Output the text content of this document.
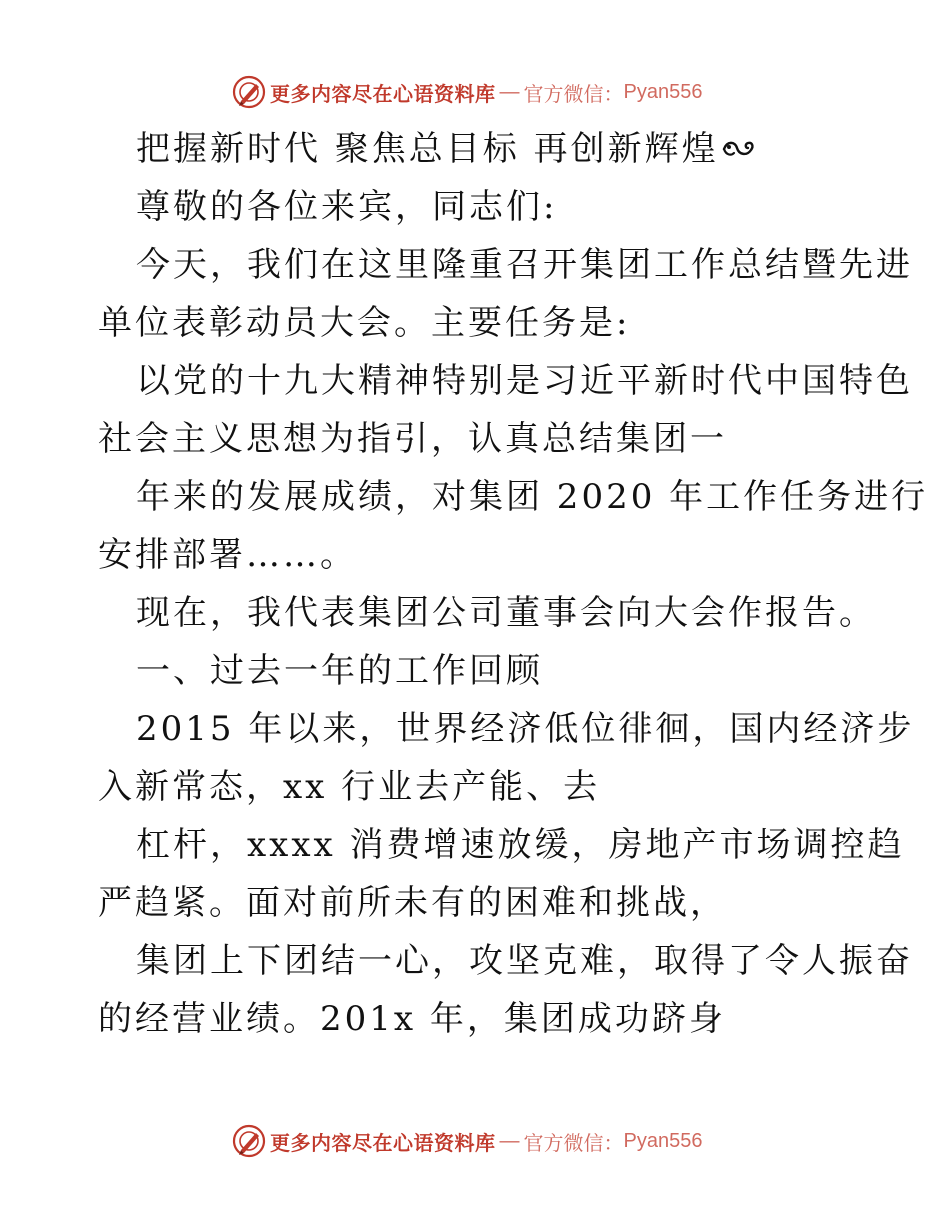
更多内容尽在心语资料库 — 官方微信： Pyan556
把握新时代 聚焦总目标 再创新辉煌
尊敬的各位来宾，同志们:
今天，我们在这里隆重召开集团工作总结暨先进
单位表彰动员大会。主要任务是:
以党的十九大精神特别是习近平新时代中国特色
社会主义思想为指引，认真总结集团一
年来的发展成绩，对集团 2020 年工作任务进行
安排部署……。
现在，我代表集团公司董事会向大会作报告。
一、过去一年的工作回顾
2015 年以来，世界经济低位徘徊，国内经济步
入新常态，xx 行业去产能、去
杠杆，xxxx 消费增速放缓，房地产市场调控趋
严趋紧。面对前所未有的困难和挑战，
集团上下团结一心，攻坚克难，取得了令人振奋
的经营业绩。201x 年，集团成功跻身
更多内容尽在心语资料库 — 官方微信： Pyan556
